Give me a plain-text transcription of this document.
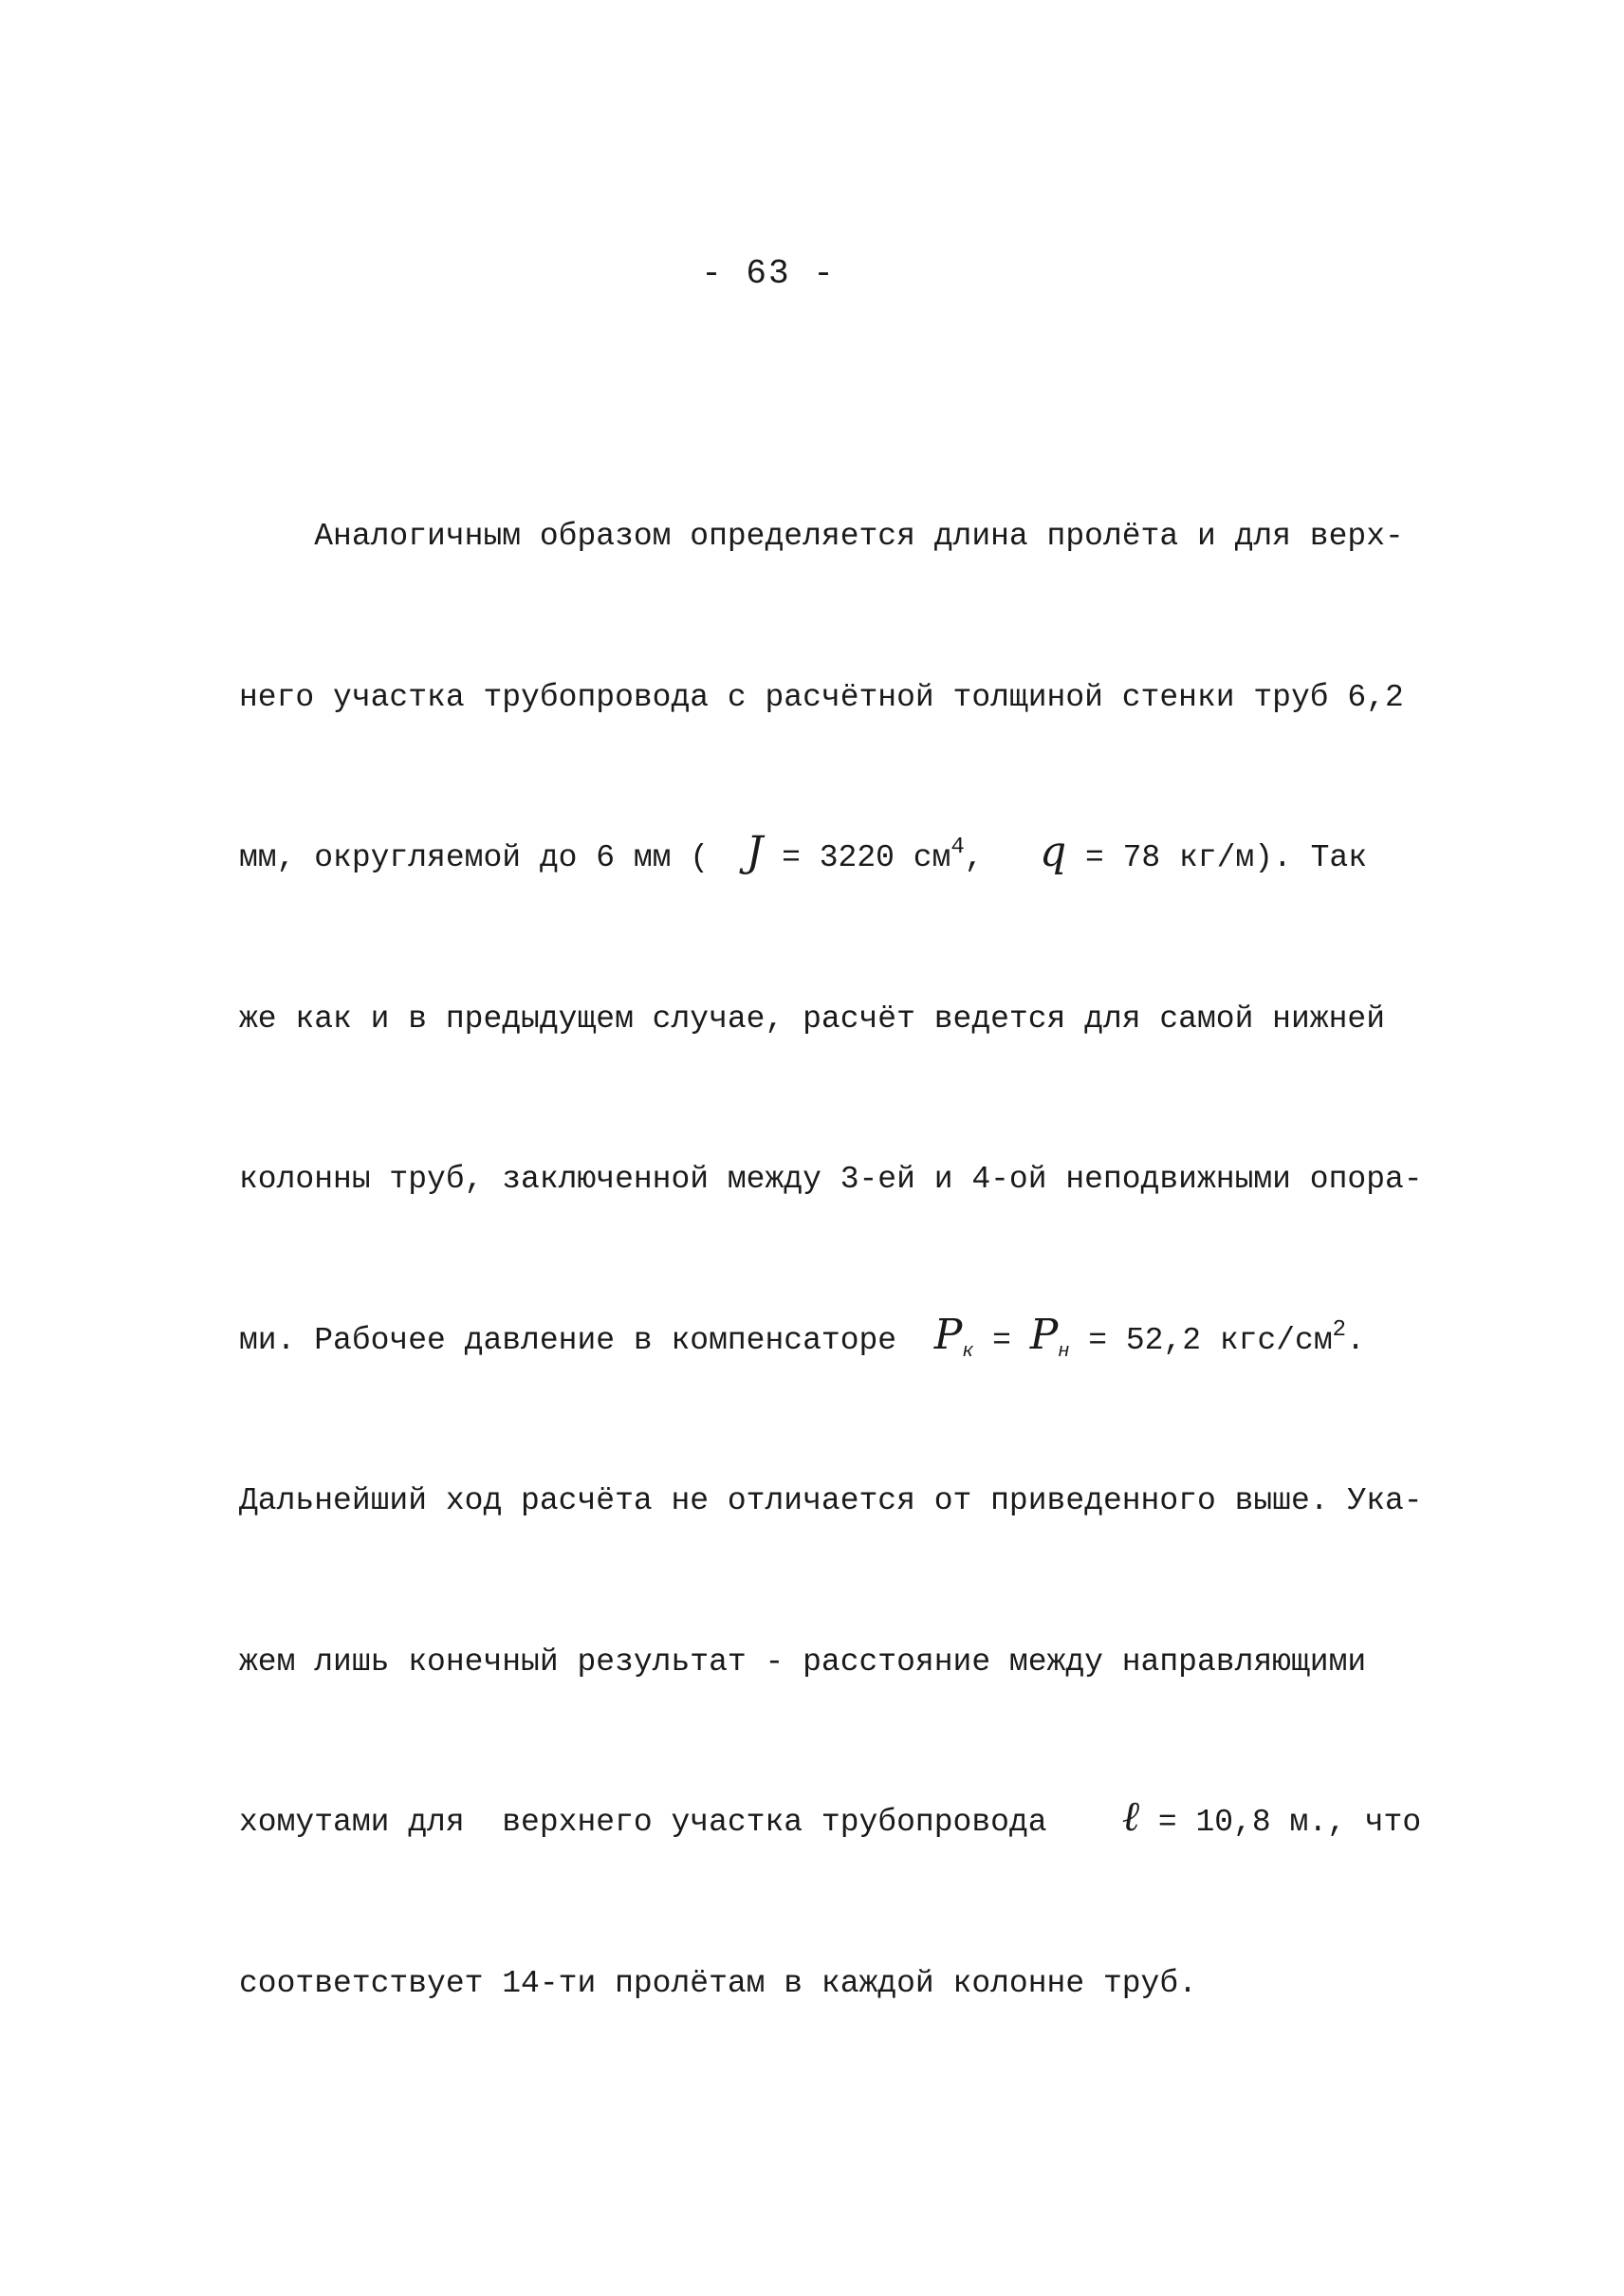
- 63 -

Аналогичным образом определяется длина пролёта и для верх-

него участка трубопровода с расчётной толщиной стенки труб 6,2

мм, округляемой до 6 мм (  J = 3220 $см^4$,   q = 78 кг/м). Так

же как и в предыдущем случае, расчёт ведется для самой нижней

колонны труб, заключенной между 3-ей и 4-ой неподвижными опора-

ми. Рабочее давление в компенсаторе  $P_к = P_н = 52,2$ кгс/$см^2$.

Дальнейший ход расчёта не отличается от приведенного выше. Ука-

жем лишь конечный результат - расстояние между направляющими

хомутами для  верхнего участка трубопровода    ℓ = 10,8 м., что

соответствует 14-ти пролётам в каждой колонне труб.
